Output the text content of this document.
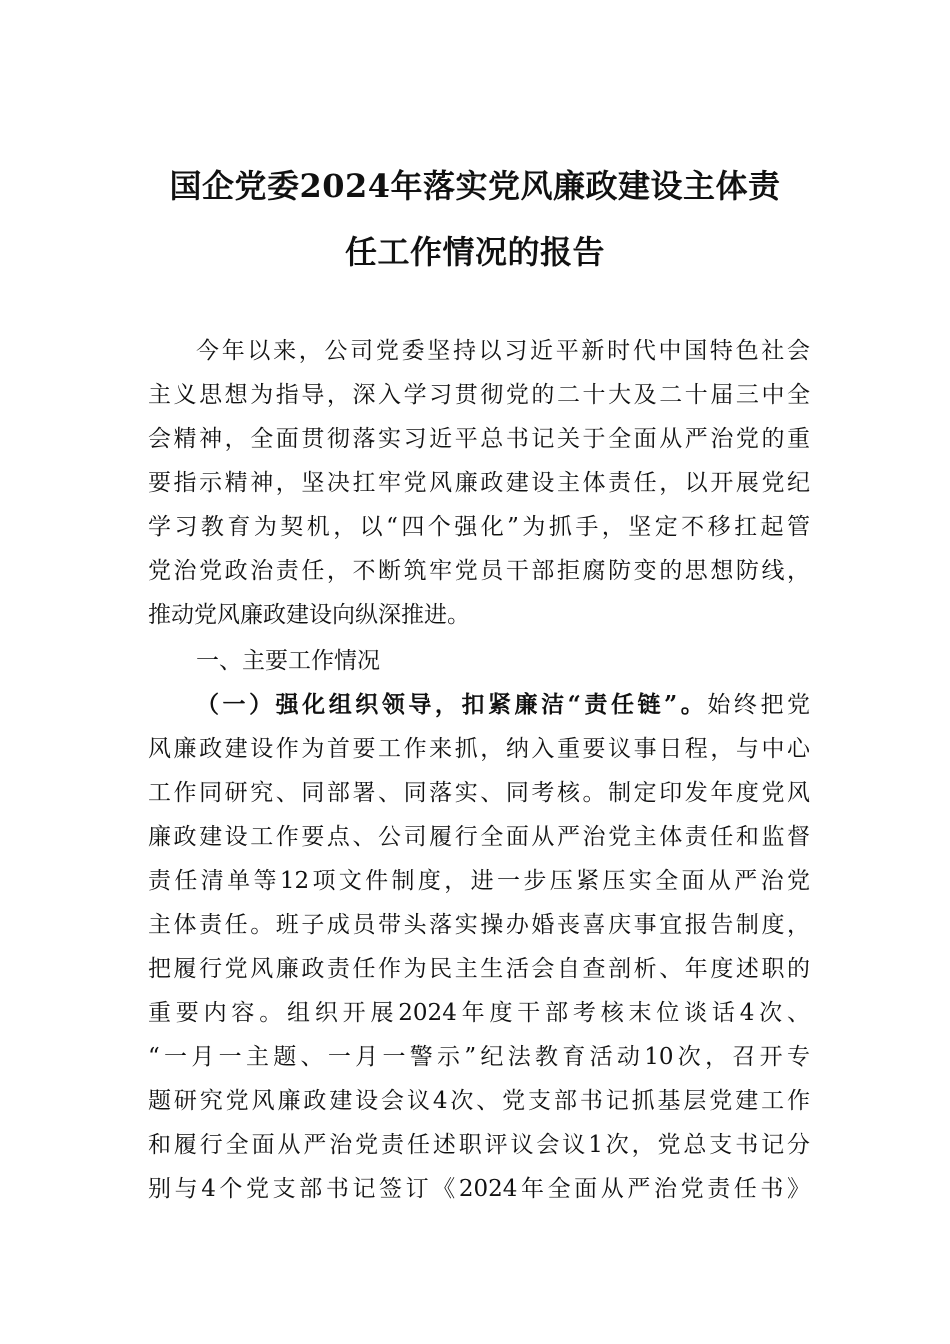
国企党委2024年落实党风廉政建设主体责
任工作情况的报告
今年以来，公司党委坚持以习近平新时代中国特色社会
主义思想为指导，深入学习贯彻党的二十大及二十届三中全
会精神，全面贯彻落实习近平总书记关于全面从严治党的重
要指示精神，坚决扛牢党风廉政建设主体责任，以开展党纪
学习教育为契机，以“四个强化”为抓手，坚定不移扛起管
党治党政治责任，不断筑牢党员干部拒腐防变的思想防线，
推动党风廉政建设向纵深推进。
一、主要工作情况
（一）强化组织领导，扣紧廉洁“责任链”。始终把党
风廉政建设作为首要工作来抓，纳入重要议事日程，与中心
工作同研究、同部署、同落实、同考核。制定印发年度党风
廉政建设工作要点、公司履行全面从严治党主体责任和监督
责任清单等12项文件制度，进一步压紧压实全面从严治党
主体责任。班子成员带头落实操办婚丧喜庆事宜报告制度，
把履行党风廉政责任作为民主生活会自查剖析、年度述职的
重要内容。组织开展2024年度干部考核末位谈话4次、
“一月一主题、一月一警示”纪法教育活动10次，召开专
题研究党风廉政建设会议4次、党支部书记抓基层党建工作
和履行全面从严治党责任述职评议会议1次，党总支书记分
别与4个党支部书记签订《2024年全面从严治党责任书》
